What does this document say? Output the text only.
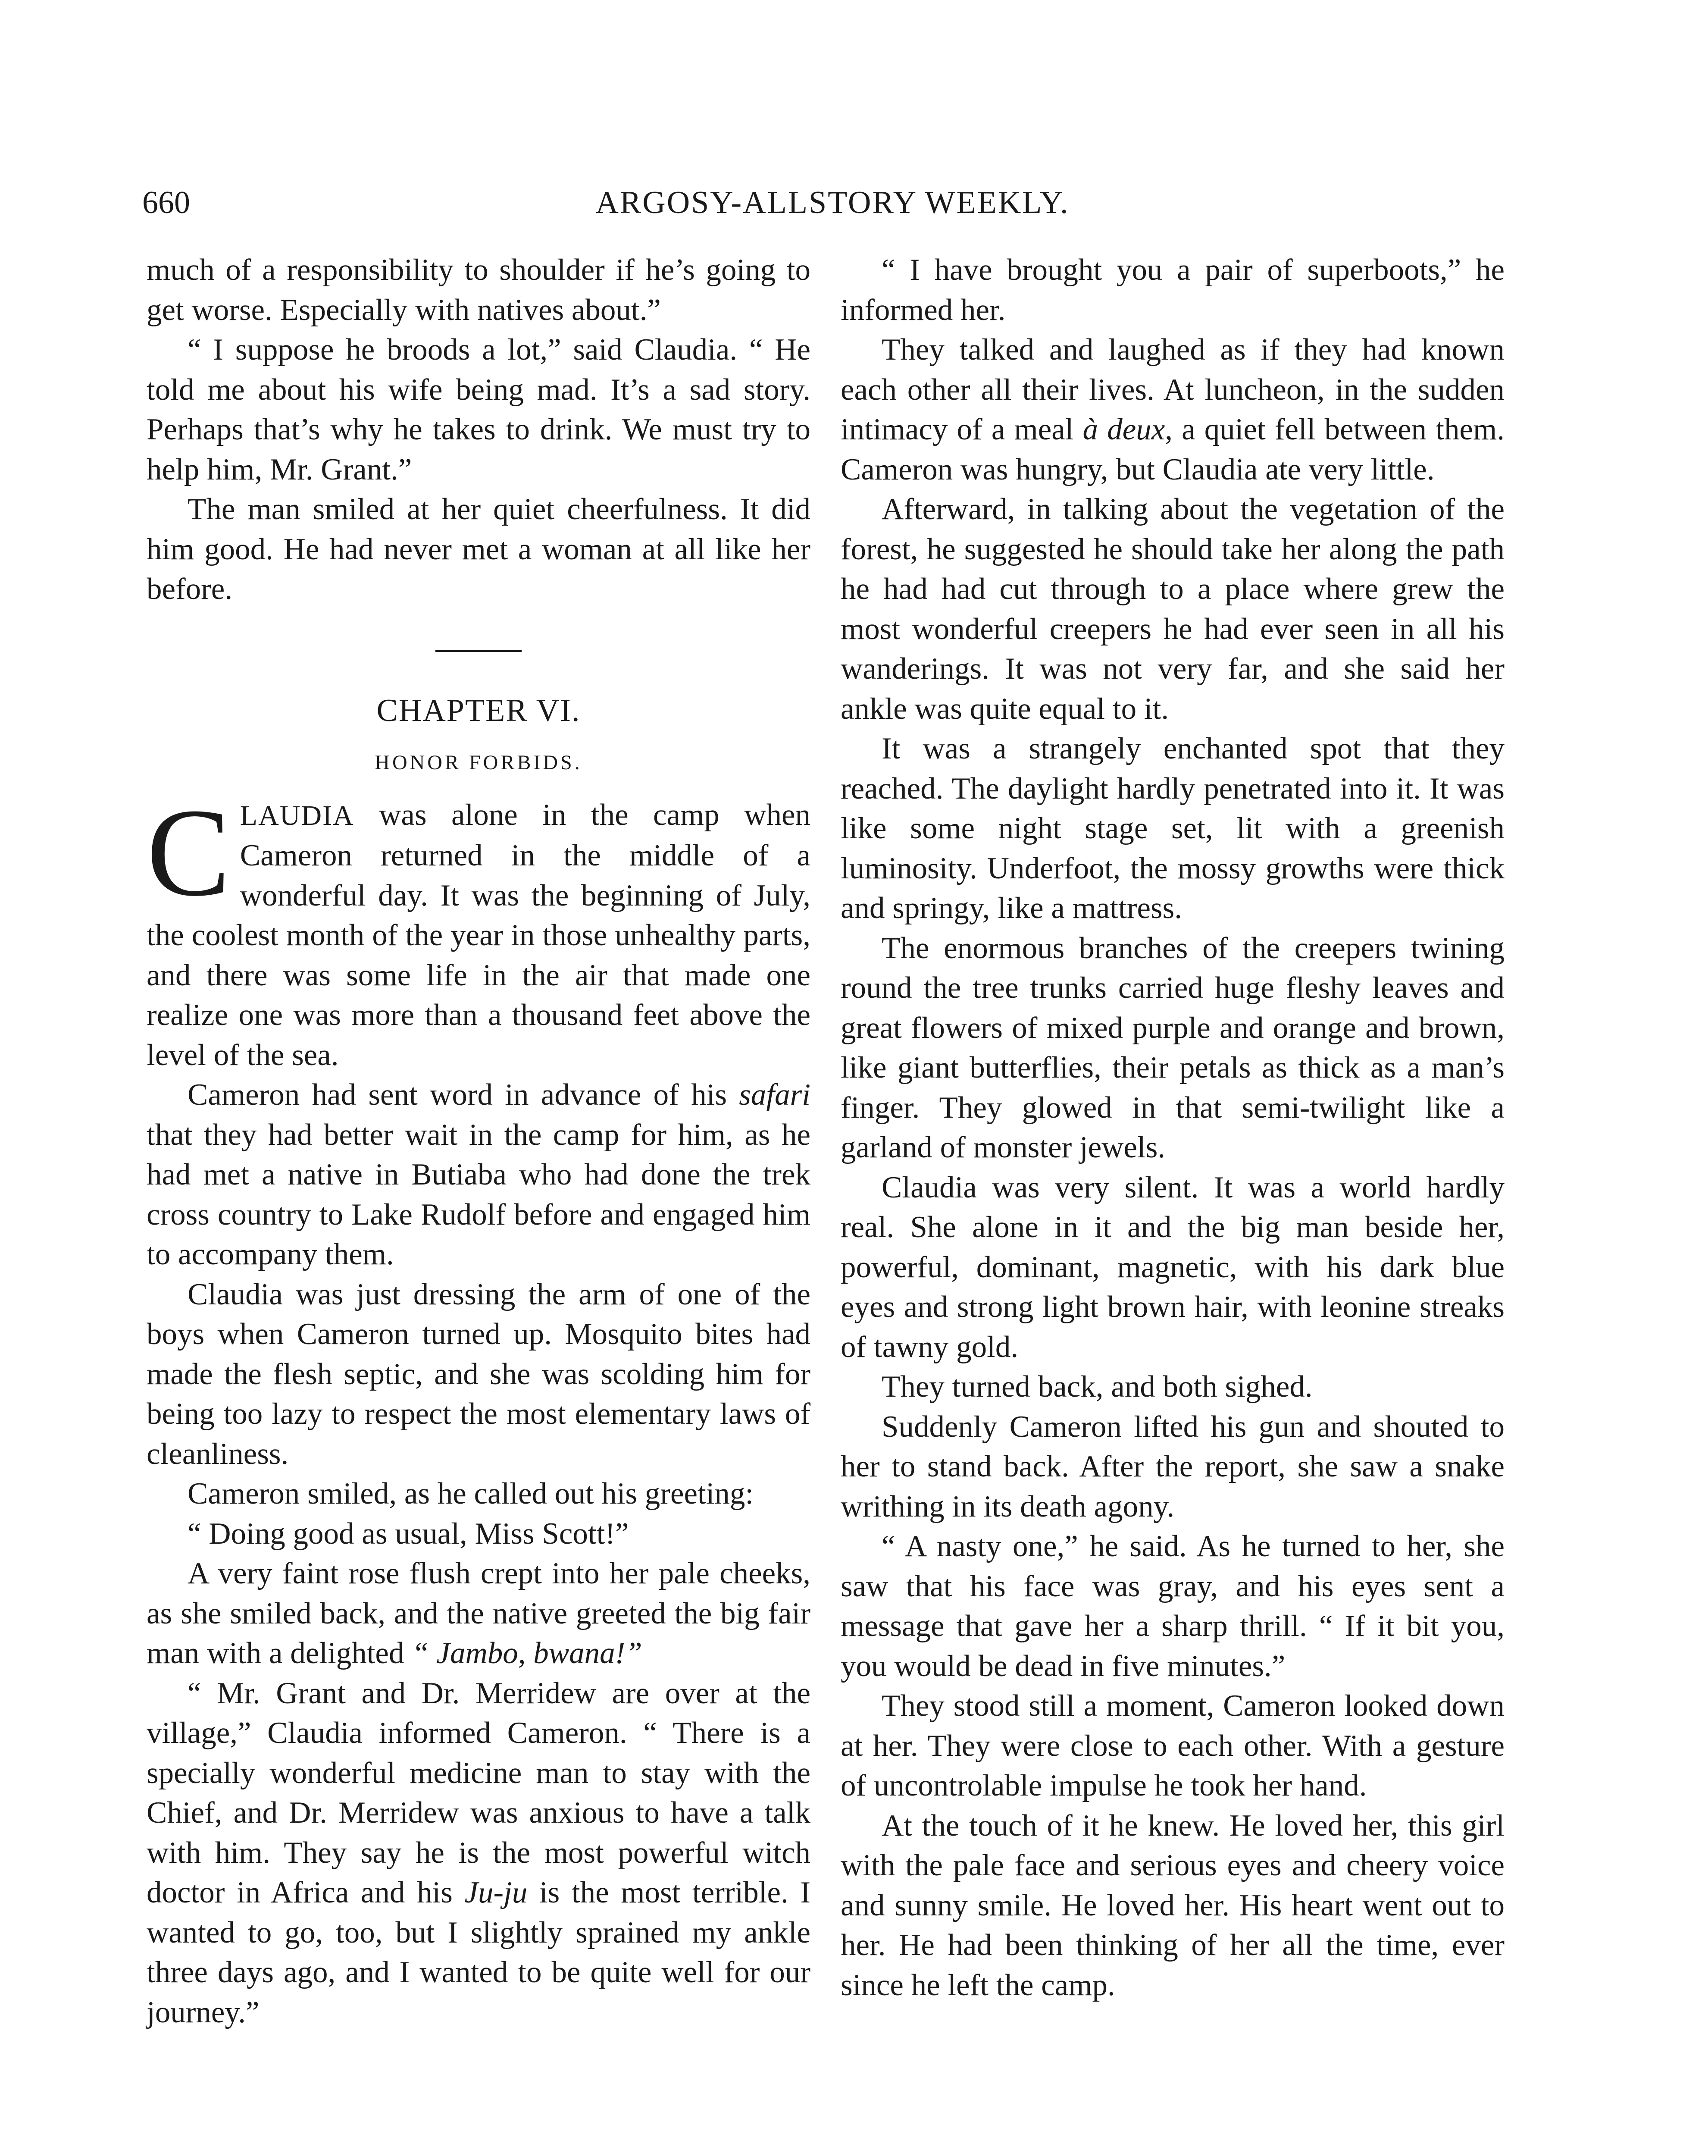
660	ARGOSY-ALLSTORY WEEKLY.

much of a responsibility to shoulder if he’s going to get worse. Especially with natives about.”

“ I suppose he broods a lot,” said Claudia. “ He told me about his wife being mad. It’s a sad story. Perhaps that’s why he takes to drink. We must try to help him, Mr. Grant.”

The man smiled at her quiet cheerfulness. It did him good. He had never met a woman at all like her before.

CHAPTER VI.
HONOR FORBIDS.

CLAUDIA was alone in the camp when Cameron returned in the middle of a wonderful day. It was the beginning of July, the coolest month of the year in those unhealthy parts, and there was some life in the air that made one realize one was more than a thousand feet above the level of the sea.

Cameron had sent word in advance of his safari that they had better wait in the camp for him, as he had met a native in Butiaba who had done the trek cross country to Lake Rudolf before and engaged him to accompany them.

Claudia was just dressing the arm of one of the boys when Cameron turned up. Mosquito bites had made the flesh septic, and she was scolding him for being too lazy to respect the most elementary laws of cleanliness.

Cameron smiled, as he called out his greeting:

“ Doing good as usual, Miss Scott!”

A very faint rose flush crept into her pale cheeks, as she smiled back, and the native greeted the big fair man with a delighted “ Jambo, bwana!”

“ Mr. Grant and Dr. Merridew are over at the village,” Claudia informed Cameron. “ There is a specially wonderful medicine man to stay with the Chief, and Dr. Merridew was anxious to have a talk with him. They say he is the most powerful witch doctor in Africa and his Ju-ju is the most terrible. I wanted to go, too, but I slightly sprained my ankle three days ago, and I wanted to be quite well for our journey.”

“ I have brought you a pair of superboots,” he informed her.

They talked and laughed as if they had known each other all their lives. At luncheon, in the sudden intimacy of a meal à deux, a quiet fell between them. Cameron was hungry, but Claudia ate very little.

Afterward, in talking about the vegetation of the forest, he suggested he should take her along the path he had had cut through to a place where grew the most wonderful creepers he had ever seen in all his wanderings. It was not very far, and she said her ankle was quite equal to it.

It was a strangely enchanted spot that they reached. The daylight hardly penetrated into it. It was like some night stage set, lit with a greenish luminosity. Underfoot, the mossy growths were thick and springy, like a mattress.

The enormous branches of the creepers twining round the tree trunks carried huge fleshy leaves and great flowers of mixed purple and orange and brown, like giant butterflies, their petals as thick as a man’s finger. They glowed in that semi-twilight like a garland of monster jewels.

Claudia was very silent. It was a world hardly real. She alone in it and the big man beside her, powerful, dominant, magnetic, with his dark blue eyes and strong light brown hair, with leonine streaks of tawny gold.

They turned back, and both sighed.

Suddenly Cameron lifted his gun and shouted to her to stand back. After the report, she saw a snake writhing in its death agony.

“ A nasty one,” he said. As he turned to her, she saw that his face was gray, and his eyes sent a message that gave her a sharp thrill. “ If it bit you, you would be dead in five minutes.”

They stood still a moment, Cameron looked down at her. They were close to each other. With a gesture of uncontrolable impulse he took her hand.

At the touch of it he knew. He loved her, this girl with the pale face and serious eyes and cheery voice and sunny smile. He loved her. His heart went out to her. He had been thinking of her all the time, ever since he left the camp.
